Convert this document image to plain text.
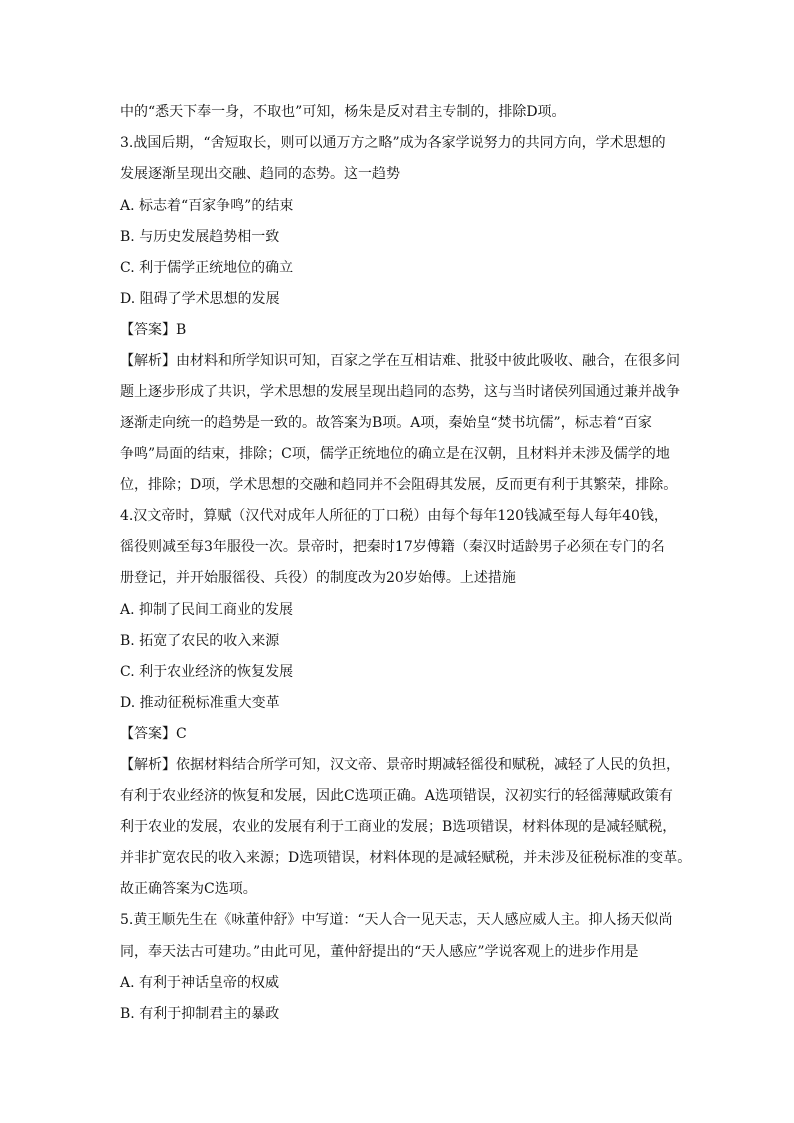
中的“悉天下奉一身，不取也”可知，杨朱是反对君主专制的，排除D项。
3.战国后期，“舍短取长，则可以通万方之略”成为各家学说努力的共同方向，学术思想的
发展逐渐呈现出交融、趋同的态势。这一趋势
A. 标志着“百家争鸣”的结束
B. 与历史发展趋势相一致
C. 利于儒学正统地位的确立
D. 阻碍了学术思想的发展
【答案】B
【解析】由材料和所学知识可知，百家之学在互相诘难、批驳中彼此吸收、融合，在很多问
题上逐步形成了共识，学术思想的发展呈现出趋同的态势，这与当时诸侯列国通过兼并战争
逐渐走向统一的趋势是一致的。故答案为B项。A项，秦始皇“焚书坑儒”，标志着“百家
争鸣”局面的结束，排除；C项，儒学正统地位的确立是在汉朝，且材料并未涉及儒学的地
位，排除；D项，学术思想的交融和趋同并不会阻碍其发展，反而更有利于其繁荣，排除。
4.汉文帝时，算赋（汉代对成年人所征的丁口税）由每个每年120钱减至每人每年40钱，
徭役则减至每3年服役一次。景帝时，把秦时17岁傅籍（秦汉时适龄男子必须在专门的名
册登记，并开始服徭役、兵役）的制度改为20岁始傅。上述措施
A. 抑制了民间工商业的发展
B. 拓宽了农民的收入来源
C. 利于农业经济的恢复发展
D. 推动征税标准重大变革
【答案】C
【解析】依据材料结合所学可知，汉文帝、景帝时期减轻徭役和赋税，减轻了人民的负担，
有利于农业经济的恢复和发展，因此C选项正确。A选项错误，汉初实行的轻徭薄赋政策有
利于农业的发展，农业的发展有利于工商业的发展；B选项错误，材料体现的是减轻赋税，
并非扩宽农民的收入来源；D选项错误，材料体现的是减轻赋税，并未涉及征税标准的变革。
故正确答案为C选项。
5.黄王顺先生在《咏董仲舒》中写道：“天人合一见天志，天人感应威人主。抑人扬天似尚
同，奉天法古可建功。”由此可见，董仲舒提出的“天人感应”学说客观上的进步作用是
A. 有利于神话皇帝的权威
B. 有利于抑制君主的暴政
